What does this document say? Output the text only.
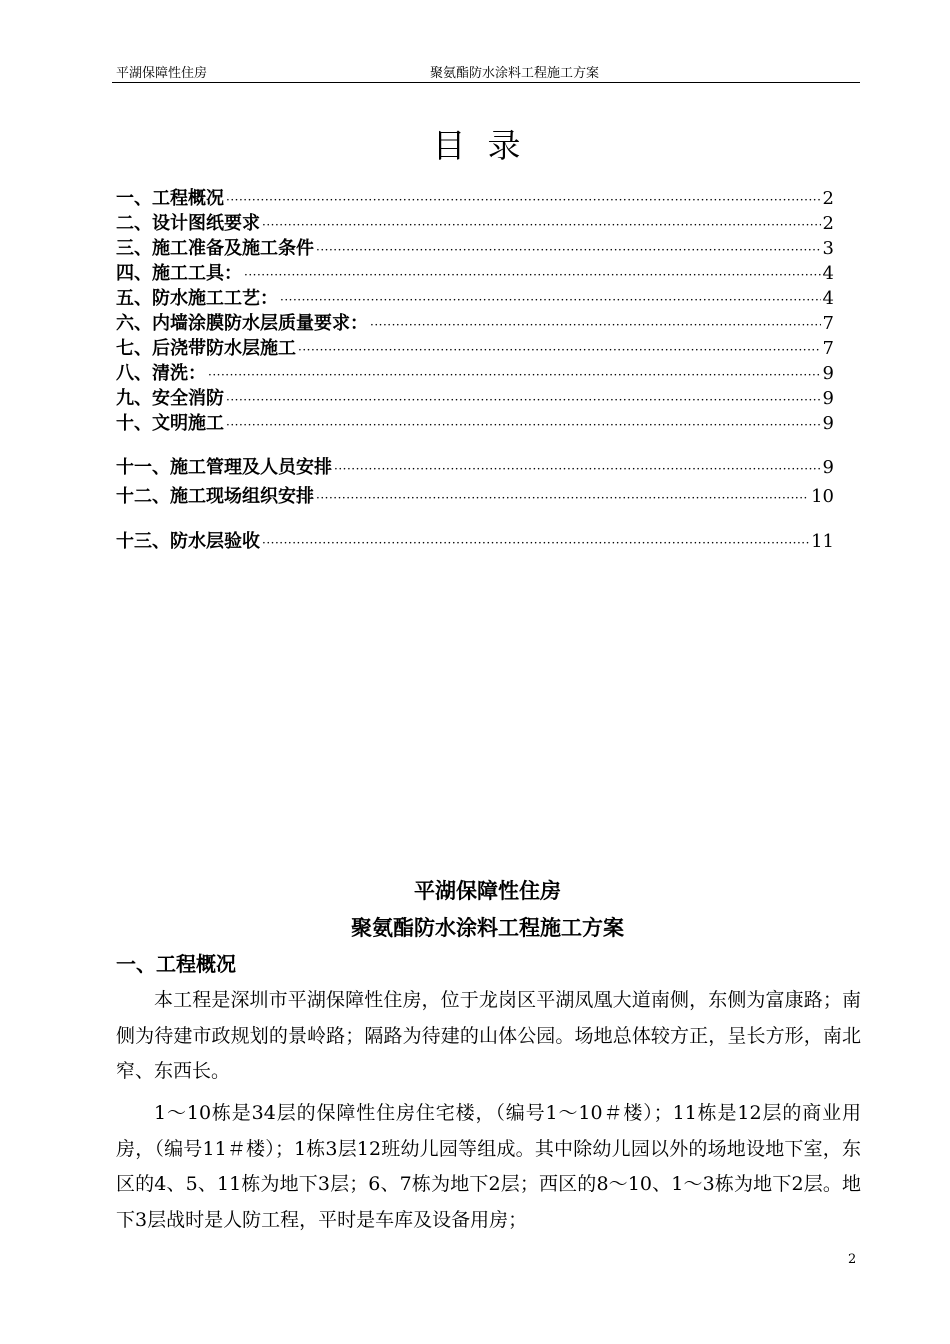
平湖保障性住房	聚氨酯防水涂料工程施工方案
目录
一、工程概况 ·····	2
二、设计图纸要求 ·····	2
三、施工准备及施工条件 ·····	3
四、施工工具： ·····	4
五、防水施工工艺： ·····	4
六、内墙涂膜防水层质量要求： ·····	7
七、后浇带防水层施工 ·····	7
八、清洗： ·····	9
九、安全消防 ·····	9
十、文明施工 ·····	9
十一、施工管理及人员安排 ·····	9
十二、施工现场组织安排 ·····	10
十三、防水层验收 ·····	11
平湖保障性住房
聚氨酯防水涂料工程施工方案
一、工程概况

本工程是深圳市平湖保障性住房，位于龙岗区平湖凤凰大道南侧，东侧为富康路；南侧为待建市政规划的景岭路；隔路为待建的山体公园。场地总体较方正，呈长方形，南北窄、东西长。

1～10栋是34层的保障性住房住宅楼，（编号1～10＃楼）；11栋是12层的商业用房，（编号11＃楼）；1栋3层12班幼儿园等组成。其中除幼儿园以外的场地设地下室，东区的4、5、11栋为地下3层；6、7栋为地下2层；西区的8～10、1～3栋为地下2层。地下3层战时是人防工程，平时是车库及设备用房；

2
